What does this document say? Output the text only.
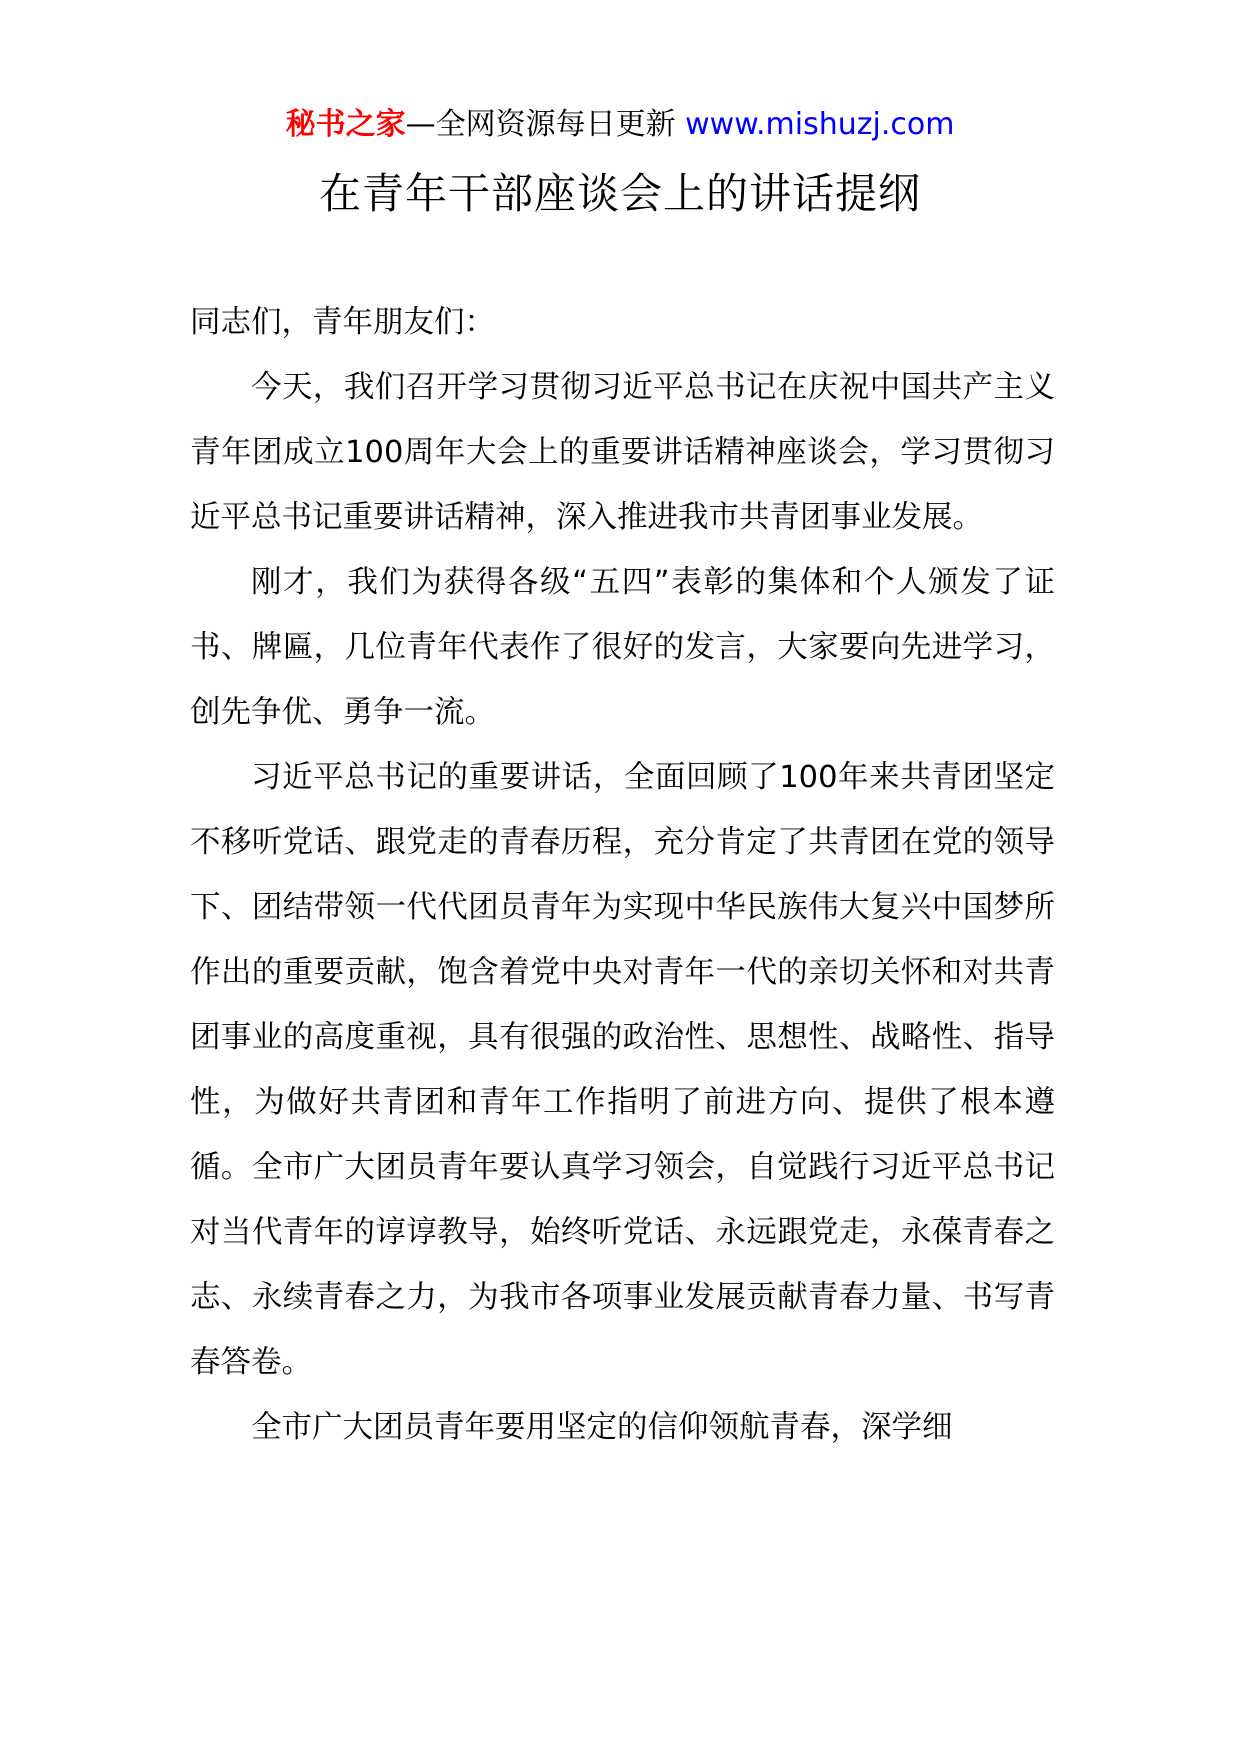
秘书之家—全网资源每日更新 www.mishuzj.com
在青年干部座谈会上的讲话提纲

同志们，青年朋友们：

今天，我们召开学习贯彻习近平总书记在庆祝中国共产主义青年团成立100周年大会上的重要讲话精神座谈会，学习贯彻习近平总书记重要讲话精神，深入推进我市共青团事业发展。

刚才，我们为获得各级“五四”表彰的集体和个人颁发了证书、牌匾，几位青年代表作了很好的发言，大家要向先进学习，创先争优、勇争一流。

习近平总书记的重要讲话，全面回顾了100年来共青团坚定不移听党话、跟党走的青春历程，充分肯定了共青团在党的领导下、团结带领一代代团员青年为实现中华民族伟大复兴中国梦所作出的重要贡献，饱含着党中央对青年一代的亲切关怀和对共青团事业的高度重视，具有很强的政治性、思想性、战略性、指导性，为做好共青团和青年工作指明了前进方向、提供了根本遵循。全市广大团员青年要认真学习领会，自觉践行习近平总书记对当代青年的谆谆教导，始终听党话、永远跟党走，永葆青春之志、永续青春之力，为我市各项事业发展贡献青春力量、书写青春答卷。

全市广大团员青年要用坚定的信仰领航青春，深学细
